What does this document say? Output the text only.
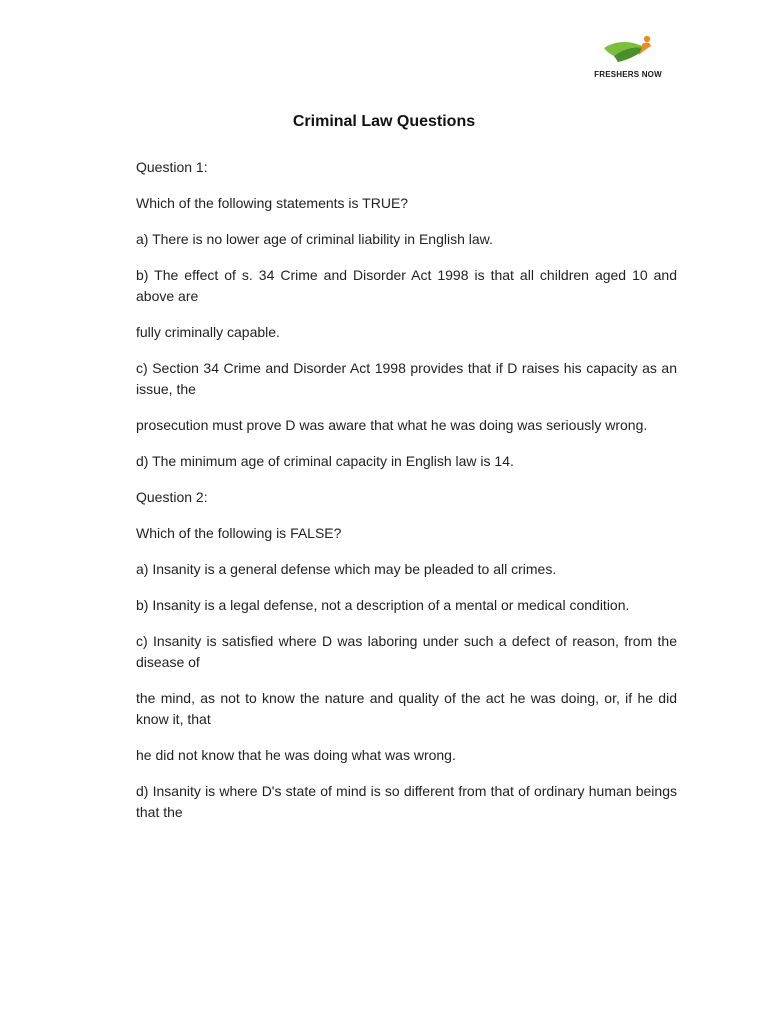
FRESHERS NOW
Criminal Law Questions

Question 1:

Which of the following statements is TRUE?

a) There is no lower age of criminal liability in English law.

b) The effect of s. 34 Crime and Disorder Act 1998 is that all children aged 10 and above are

fully criminally capable.

c) Section 34 Crime and Disorder Act 1998 provides that if D raises his capacity as an issue, the

prosecution must prove D was aware that what he was doing was seriously wrong.

d) The minimum age of criminal capacity in English law is 14.

Question 2:

Which of the following is FALSE?

a) Insanity is a general defense which may be pleaded to all crimes.

b) Insanity is a legal defense, not a description of a mental or medical condition.

c) Insanity is satisfied where D was laboring under such a defect of reason, from the disease of

the mind, as not to know the nature and quality of the act he was doing, or, if he did know it, that

he did not know that he was doing what was wrong.

d) Insanity is where D's state of mind is so different from that of ordinary human beings that the
